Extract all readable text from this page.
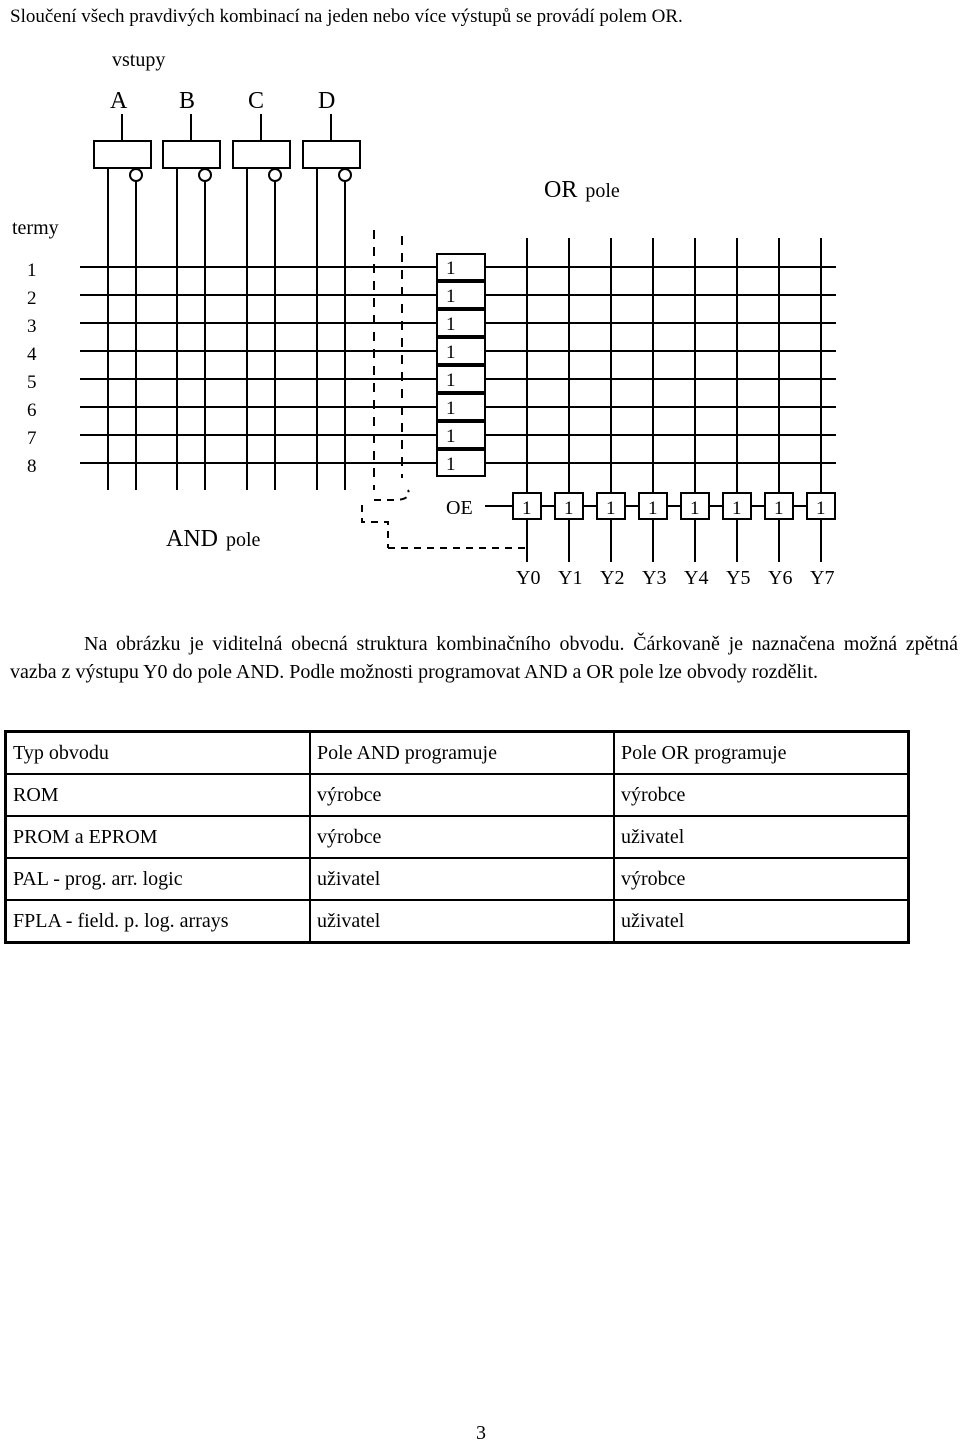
Sloučení všech pravdivých kombinací na jeden nebo více výstupů se provádí polem OR.
vstupy
A B C D
OR pole
termy
1
2
3
4
5
6
7
8
1
1
1
1
1
1
1
1
OE	1 1 1 1 1 1 1 1
AND pole
Y0 Y1 Y2 Y3 Y4 Y5 Y6 Y7

Na obrázku je viditelná obecná struktura kombinačního obvodu. Čárkovaně je naznačena možná zpětná vazba z výstupu Y0 do pole AND. Podle možnosti programovat AND a OR pole lze obvody rozdělit.

Typ obvodu	Pole AND programuje	Pole OR programuje
ROM	výrobce	výrobce
PROM a EPROM	výrobce	uživatel
PAL - prog. arr. logic	uživatel	výrobce
FPLA - field. p. log. arrays	uživatel	uživatel
3
